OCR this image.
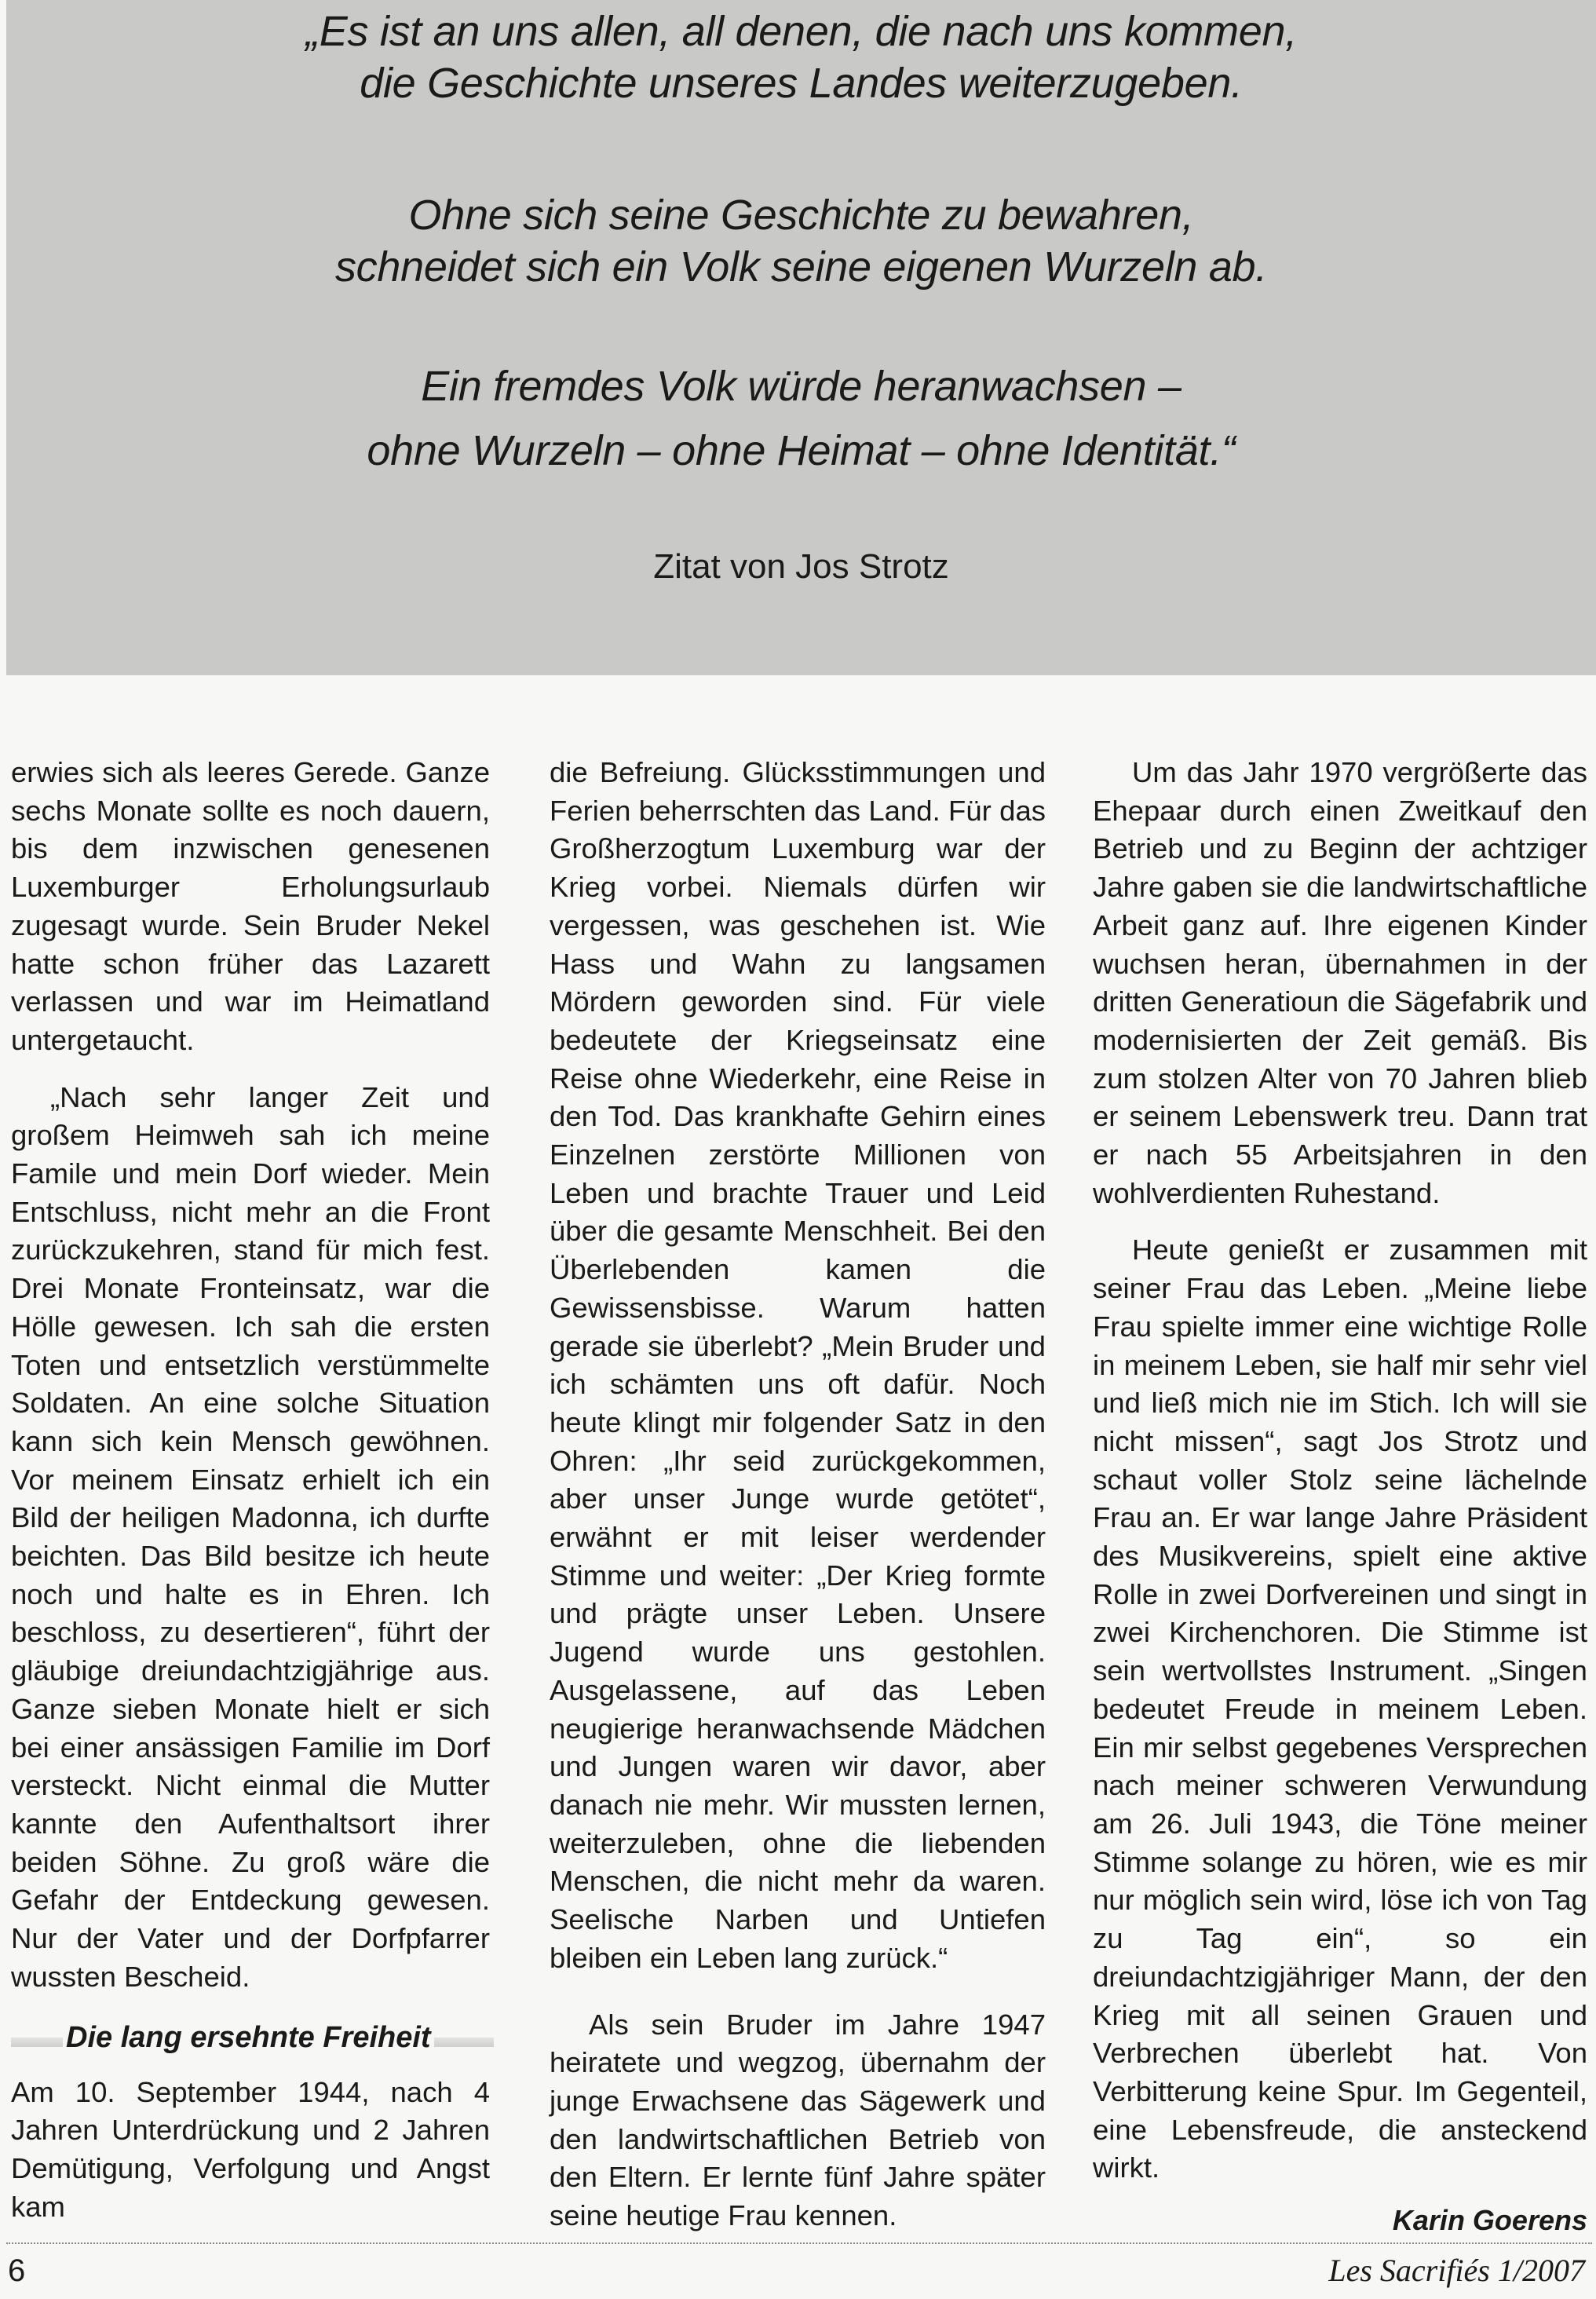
„Es ist an uns allen, all denen, die nach uns kommen,
die Geschichte unseres Landes weiterzugeben.
Ohne sich seine Geschichte zu bewahren,
schneidet sich ein Volk seine eigenen Wurzeln ab.
Ein fremdes Volk würde heranwachsen –
ohne Wurzeln – ohne Heimat – ohne Identität.“
Zitat von Jos Strotz

erwies sich als leeres Gerede. Ganze sechs Monate sollte es noch dauern, bis dem inzwischen genesenen Luxemburger Erholungsurlaub zugesagt wurde. Sein Bruder Nekel hatte schon früher das Lazarett verlassen und war im Heimatland untergetaucht.

„Nach sehr langer Zeit und großem Heimweh sah ich meine Famile und mein Dorf wieder. Mein Entschluss, nicht mehr an die Front zurückzukehren, stand für mich fest. Drei Monate Fronteinsatz, war die Hölle gewesen. Ich sah die ersten Toten und entsetzlich verstümmelte Soldaten. An eine solche Situation kann sich kein Mensch gewöhnen. Vor meinem Einsatz erhielt ich ein Bild der heiligen Madonna, ich durfte beichten. Das Bild besitze ich heute noch und halte es in Ehren. Ich beschloss, zu desertieren“, führt der gläubige dreiundachtzigjährige aus. Ganze sieben Monate hielt er sich bei einer ansässigen Familie im Dorf versteckt. Nicht einmal die Mutter kannte den Aufenthaltsort ihrer beiden Söhne. Zu groß wäre die Gefahr der Entdeckung gewesen. Nur der Vater und der Dorfpfarrer wussten Bescheid.

Die lang ersehnte Freiheit

Am 10. September 1944, nach 4 Jahren Unterdrückung und 2 Jahren Demütigung, Verfolgung und Angst kam

die Befreiung. Glücksstimmungen und Ferien beherrschten das Land. Für das Großherzogtum Luxemburg war der Krieg vorbei. Niemals dürfen wir vergessen, was geschehen ist. Wie Hass und Wahn zu langsamen Mördern geworden sind. Für viele bedeutete der Kriegseinsatz eine Reise ohne Wiederkehr, eine Reise in den Tod. Das krankhafte Gehirn eines Einzelnen zerstörte Millionen von Leben und brachte Trauer und Leid über die gesamte Menschheit. Bei den Überlebenden kamen die Gewissensbisse. Warum hatten gerade sie überlebt? „Mein Bruder und ich schämten uns oft dafür. Noch heute klingt mir folgender Satz in den Ohren: „Ihr seid zurückgekommen, aber unser Junge wurde getötet“, erwähnt er mit leiser werdender Stimme und weiter: „Der Krieg formte und prägte unser Leben. Unsere Jugend wurde uns gestohlen. Ausgelassene, auf das Leben neugierige heranwachsende Mädchen und Jungen waren wir davor, aber danach nie mehr. Wir mussten lernen, weiterzuleben, ohne die liebenden Menschen, die nicht mehr da waren. Seelische Narben und Untiefen bleiben ein Leben lang zurück.“

Als sein Bruder im Jahre 1947 heiratete und wegzog, übernahm der junge Erwachsene das Sägewerk und den landwirtschaftlichen Betrieb von den Eltern. Er lernte fünf Jahre später seine heutige Frau kennen.

Um das Jahr 1970 vergrößerte das Ehepaar durch einen Zweitkauf den Betrieb und zu Beginn der achtziger Jahre gaben sie die landwirtschaftliche Arbeit ganz auf. Ihre eigenen Kinder wuchsen heran, übernahmen in der dritten Generatioun die Sägefabrik und modernisierten der Zeit gemäß. Bis zum stolzen Alter von 70 Jahren blieb er seinem Lebenswerk treu. Dann trat er nach 55 Arbeitsjahren in den wohlverdienten Ruhestand.

Heute genießt er zusammen mit seiner Frau das Leben. „Meine liebe Frau spielte immer eine wichtige Rolle in meinem Leben, sie half mir sehr viel und ließ mich nie im Stich. Ich will sie nicht missen“, sagt Jos Strotz und schaut voller Stolz seine lächelnde Frau an. Er war lange Jahre Präsident des Musikvereins, spielt eine aktive Rolle in zwei Dorfvereinen und singt in zwei Kirchenchoren. Die Stimme ist sein wertvollstes Instrument. „Singen bedeutet Freude in meinem Leben. Ein mir selbst gegebenes Versprechen nach meiner schweren Verwundung am 26. Juli 1943, die Töne meiner Stimme solange zu hören, wie es mir nur möglich sein wird, löse ich von Tag zu Tag ein“, so ein dreiundachtzigjähriger Mann, der den Krieg mit all seinen Grauen und Verbrechen überlebt hat. Von Verbitterung keine Spur. Im Gegenteil, eine Lebensfreude, die ansteckend wirkt.

Karin Goerens
6	Les Sacrifiés 1/2007
